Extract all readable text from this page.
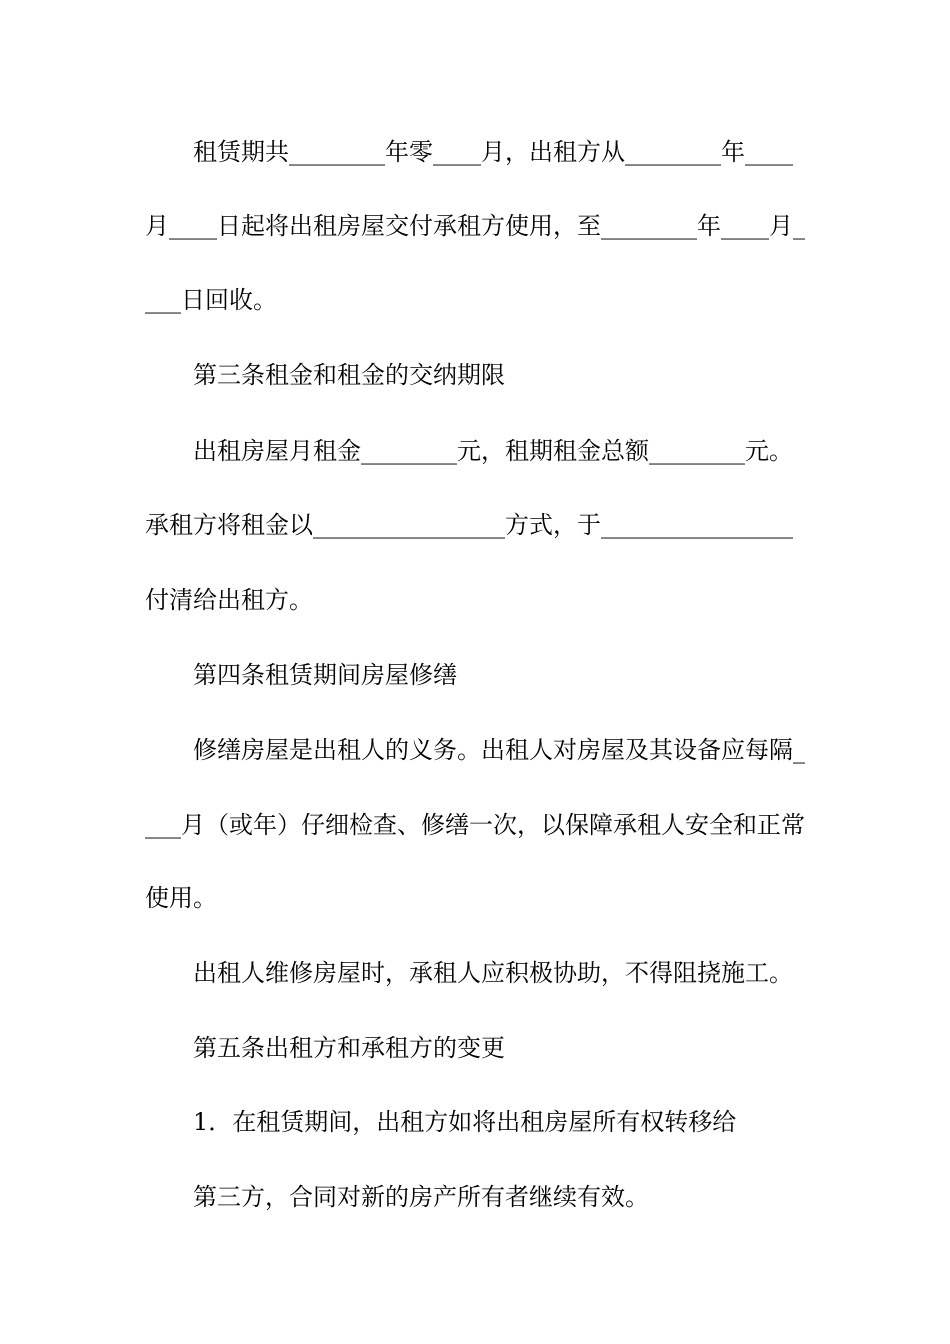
租赁期共________年零____月，出租方从________年____
月____日起将出租房屋交付承租方使用，至________年____月_
___日回收。
第三条租金和租金的交纳期限
出租房屋月租金________元，租期租金总额________元。
承租方将租金以________________方式，于________________
付清给出租方。
第四条租赁期间房屋修缮
修缮房屋是出租人的义务。出租人对房屋及其设备应每隔_
___月（或年）仔细检查、修缮一次，以保障承租人安全和正常
使用。
出租人维修房屋时，承租人应积极协助，不得阻挠施工。
第五条出租方和承租方的变更
1．在租赁期间，出租方如将出租房屋所有权转移给
第三方，合同对新的房产所有者继续有效。
